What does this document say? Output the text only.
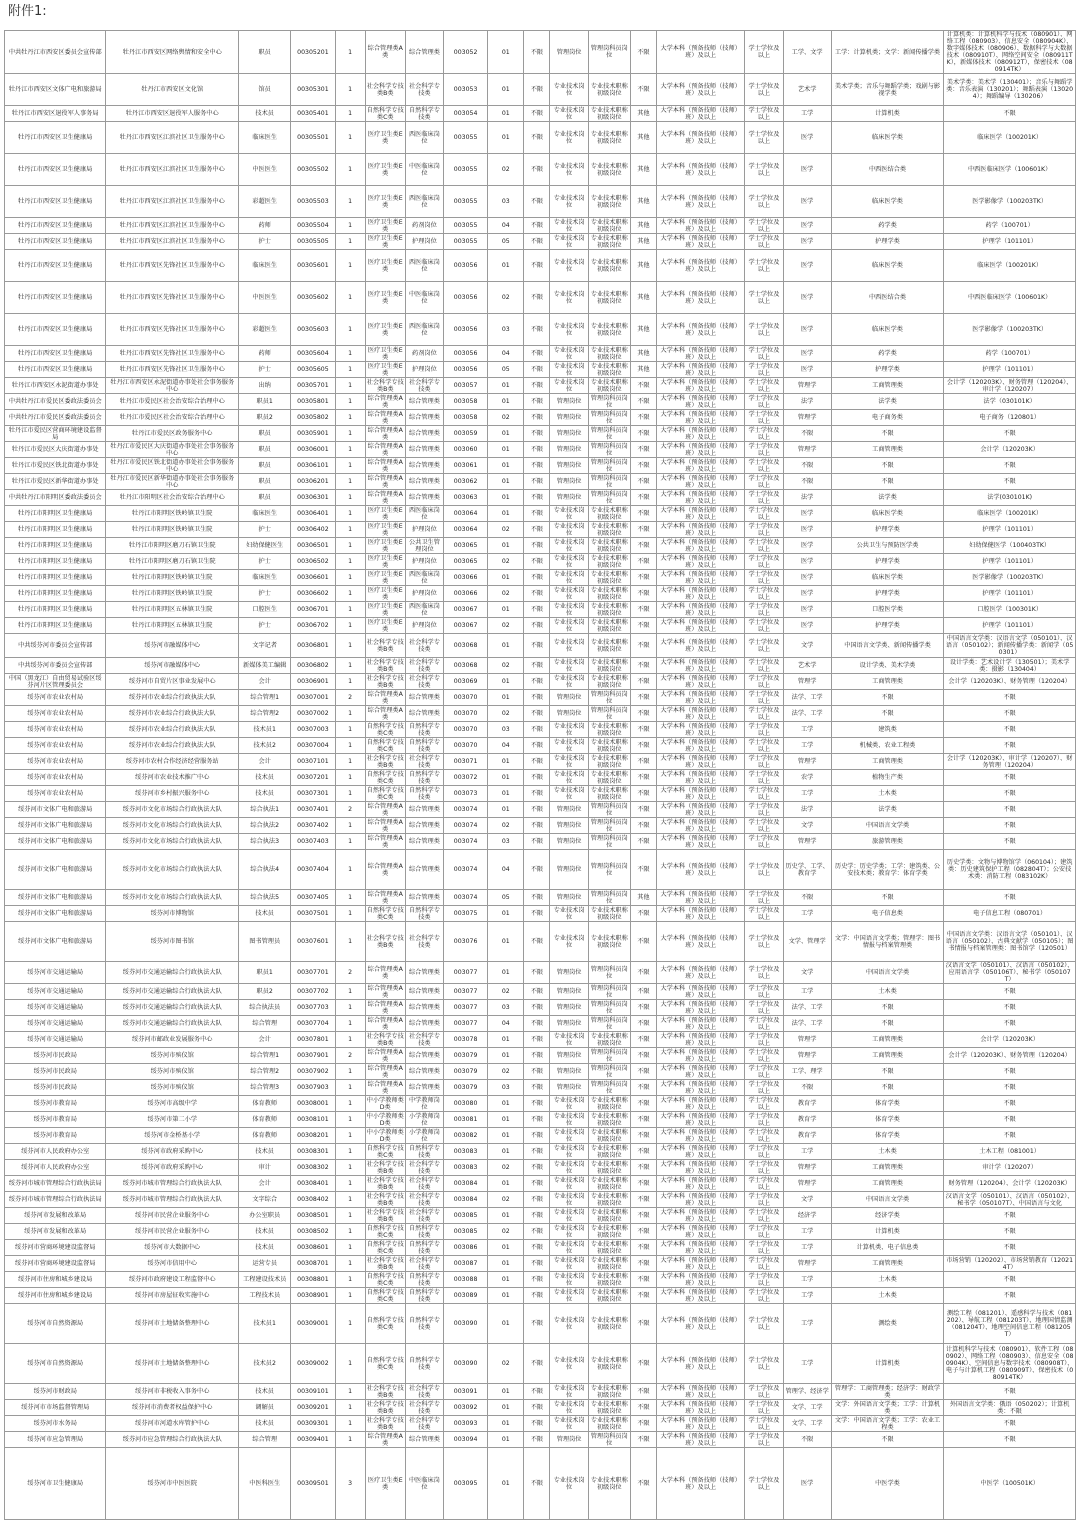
附件1:
中共牡丹江市西安区委员会宣传部	牡丹江市西安区网络舆情和安全中心	职员	00305201	1	综合管理类A类	综合管理类	003052	01	不限	管理岗位	管理岗科员岗位	不限	大学本科（预备技师（技师）班）及以上	学士学位及以上	工学、文学	工学：计算机类；文学：新闻传播学类	计算机类：计算机科学与技术（080901）、网络工程（080903）、信息安全（080904K）、数字媒体技术（080906）、数据科学与大数据技术（080910T）、网络空间安全（080911TK），新媒体技术（080912T），保密技术（080914TK）
牡丹江市西安区文体广电和旅游局	牡丹江市西安区文化馆	馆员	00305301	1	社会科学专技类B类	社会科学专技类	003053	01	不限	专业技术岗位	专业技术职称初级岗位	不限	大学本科（预备技师（技师）班）及以上	学士学位及以上	艺术学	美术学类；音乐与舞蹈学类；戏剧与影视学类	美术学类：美术学（130401）；音乐与舞蹈学类：音乐表演（130201）；舞蹈表演（130204）；舞蹈编导（130206）
牡丹江市西安区退役军人事务局	牡丹江市西安区退役军人服务中心	技术员	00305401	1	自然科学专技类C类	自然科学专技类	003054	01	不限	专业技术岗位	专业技术职称初级岗位	其他	大学本科（预备技师（技师）班）及以上	学士学位及以上	工学	计算机类	不限
牡丹江市西安区卫生健康局	牡丹江市西安区江滨社区卫生服务中心	临床医生	00305501	1	医疗卫生类E类	西医临床岗位	003055	01	不限	专业技术岗位	专业技术职称初级岗位	其他	大学本科（预备技师（技师）班）及以上	学士学位及以上	医学	临床医学类	临床医学（100201K）
牡丹江市西安区卫生健康局	牡丹江市西安区江滨社区卫生服务中心	中医医生	00305502	1	医疗卫生类E类	中医临床岗位	003055	02	不限	专业技术岗位	专业技术职称初级岗位	其他	大学本科（预备技师（技师）班）及以上	学士学位及以上	医学	中西医结合类	中西医临床医学（100601K）
牡丹江市西安区卫生健康局	牡丹江市西安区江滨社区卫生服务中心	彩超医生	00305503	1	医疗卫生类E类	西医临床岗位	003055	03	不限	专业技术岗位	专业技术职称初级岗位	其他	大学本科（预备技师（技师）班）及以上	学士学位及以上	医学	临床医学类	医学影像学（100203TK）
牡丹江市西安区卫生健康局	牡丹江市西安区江滨社区卫生服务中心	药师	00305504	1	医疗卫生类E类	药剂岗位	003055	04	不限	专业技术岗位	专业技术职称初级岗位	其他	大学本科（预备技师（技师）班）及以上	学士学位及以上	医学	药学类	药学（100701）
牡丹江市西安区卫生健康局	牡丹江市西安区江滨社区卫生服务中心	护士	00305505	1	医疗卫生类E类	护理岗位	003055	05	不限	专业技术岗位	专业技术职称初级岗位	其他	大学本科（预备技师（技师）班）及以上	学士学位及以上	医学	护理学类	护理学（101101）
牡丹江市西安区卫生健康局	牡丹江市西安区先锋社区卫生服务中心	临床医生	00305601	1	医疗卫生类E类	西医临床岗位	003056	01	不限	专业技术岗位	专业技术职称初级岗位	其他	大学本科（预备技师（技师）班）及以上	学士学位及以上	医学	临床医学类	临床医学（100201K）
牡丹江市西安区卫生健康局	牡丹江市西安区先锋社区卫生服务中心	中医医生	00305602	1	医疗卫生类E类	中医临床岗位	003056	02	不限	专业技术岗位	专业技术职称初级岗位	其他	大学本科（预备技师（技师）班）及以上	学士学位及以上	医学	中西医结合类	中西医临床医学（100601K）
牡丹江市西安区卫生健康局	牡丹江市西安区先锋社区卫生服务中心	彩超医生	00305603	1	医疗卫生类E类	西医临床岗位	003056	03	不限	专业技术岗位	专业技术职称初级岗位	其他	大学本科（预备技师（技师）班）及以上	学士学位及以上	医学	临床医学类	医学影像学（100203TK）
牡丹江市西安区卫生健康局	牡丹江市西安区先锋社区卫生服务中心	药师	00305604	1	医疗卫生类E类	药剂岗位	003056	04	不限	专业技术岗位	专业技术职称初级岗位	其他	大学本科（预备技师（技师）班）及以上	学士学位及以上	医学	药学类	药学（100701）
牡丹江市西安区卫生健康局	牡丹江市西安区先锋社区卫生服务中心	护士	00305605	1	医疗卫生类E类	护理岗位	003056	05	不限	专业技术岗位	专业技术职称初级岗位	其他	大学本科（预备技师（技师）班）及以上	学士学位及以上	医学	护理学类	护理学（101101）
牡丹江市西安区永泥街道办事处	牡丹江市西安区永泥街道办事处社会事务服务中心	出纳	00305701	1	社会科学专技类B类	社会科学专技类	003057	01	不限	专业技术岗位	专业技术职称初级岗位	不限	大学本科（预备技师（技师）班）及以上	学士学位及以上	管理学	工商管理类	会计学（120203K）、财务管理（120204）、审计学（120207）
中共牡丹江市爱民区委政法委员会	牡丹江市爱民区社会治安综合治理中心	职员1	00305801	1	综合管理类A类	综合管理类	003058	01	不限	管理岗位	管理岗科员岗位	不限	大学本科（预备技师（技师）班）及以上	学士学位及以上	法学	法学类	法学（030101K）
中共牡丹江市爱民区委政法委员会	牡丹江市爱民区社会治安综合治理中心	职员2	00305802	1	综合管理类A类	综合管理类	003058	02	不限	管理岗位	管理岗科员岗位	不限	大学本科（预备技师（技师）班）及以上	学士学位及以上	管理学	电子商务类	电子商务（120801）
牡丹江市爱民区营商环境建设监督局	牡丹江市爱民区政务服务中心	职员	00305901	1	综合管理类A类	综合管理类	003059	01	不限	管理岗位	管理岗科员岗位	不限	大学本科（预备技师（技师）班）及以上	学士学位及以上	不限	不限	不限
牡丹江市爱民区大庆街道办事处	牡丹江市爱民区大庆街道办事处社会事务服务中心	职员	00306001	1	综合管理类A类	综合管理类	003060	01	不限	管理岗位	管理岗科员岗位	不限	大学本科（预备技师（技师）班）及以上	学士学位及以上	管理学	工商管理类	会计学（120203K）
牡丹江市爱民区铁北街道办事处	牡丹江市爱民区铁北街道办事处社会事务服务中心	职员	00306101	1	综合管理类A类	综合管理类	003061	01	不限	管理岗位	管理岗科员岗位	不限	大学本科（预备技师（技师）班）及以上	学士学位及以上	不限	不限	不限
牡丹江市爱民区新华街道办事处	牡丹江市爱民区新华街道办事处社会事务服务中心	职员	00306201	1	综合管理类A类	综合管理类	003062	01	不限	管理岗位	管理岗科员岗位	不限	大学本科（预备技师（技师）班）及以上	学士学位及以上	不限	不限	不限
中共牡丹江市阳明区委政法委员会	牡丹江市阳明区社会治安综合治理中心	职员	00306301	1	综合管理类A类	综合管理类	003063	01	不限	管理岗位	管理岗科员岗位	不限	大学本科（预备技师（技师）班）及以上	学士学位及以上	法学	法学类	法学(030101K)
牡丹江市阳明区卫生健康局	牡丹江市阳明区铁岭镇卫生院	临床医生	00306401	1	医疗卫生类E类	西医临床岗位	003064	01	不限	专业技术岗位	专业技术职称初级岗位	不限	大学本科（预备技师（技师）班）及以上	学士学位及以上	医学	临床医学类	临床医学（100201K）
牡丹江市阳明区卫生健康局	牡丹江市阳明区铁岭镇卫生院	护士	00306402	1	医疗卫生类E类	护理岗位	003064	02	不限	专业技术岗位	专业技术职称初级岗位	不限	大学本科（预备技师（技师）班）及以上	学士学位及以上	医学	护理学类	护理学（101101）
牡丹江市阳明区卫生健康局	牡丹江市阳明区磨刀石镇卫生院	妇幼保健医生	00306501	1	医疗卫生类E类	公共卫生管理岗位	003065	01	不限	专业技术岗位	专业技术职称初级岗位	不限	大学本科（预备技师（技师）班）及以上	学士学位及以上	医学	公共卫生与预防医学类	妇幼保健医学（100403TK）
牡丹江市阳明区卫生健康局	牡丹江市阳明区磨刀石镇卫生院	护士	00306502	1	医疗卫生类E类	护理岗位	003065	02	不限	专业技术岗位	专业技术职称初级岗位	不限	大学本科（预备技师（技师）班）及以上	学士学位及以上	医学	护理学类	护理学（101101）
牡丹江市阳明区卫生健康局	牡丹江市阳明区铁岭镇卫生院	临床医生	00306601	1	医疗卫生类E类	西医临床岗位	003066	01	不限	专业技术岗位	专业技术职称初级岗位	不限	大学本科（预备技师（技师）班）及以上	学士学位及以上	医学	临床医学类	医学影像学（100203TK）
牡丹江市阳明区卫生健康局	牡丹江市阳明区铁岭镇卫生院	护士	00306602	1	医疗卫生类E类	护理岗位	003066	02	不限	专业技术岗位	专业技术职称初级岗位	不限	大学本科（预备技师（技师）班）及以上	学士学位及以上	医学	护理学类	护理学（101101）
牡丹江市阳明区卫生健康局	牡丹江市阳明区五林镇卫生院	口腔医生	00306701	1	医疗卫生类E类	西医临床岗位	003067	01	不限	专业技术岗位	专业技术职称初级岗位	不限	大学本科（预备技师（技师）班）及以上	学士学位及以上	医学	口腔医学类	口腔医学（100301K）
牡丹江市阳明区卫生健康局	牡丹江市阳明区五林镇卫生院	护士	00306702	1	医疗卫生类E类	护理岗位	003067	02	不限	专业技术岗位	专业技术职称初级岗位	不限	大学本科（预备技师（技师）班）及以上	学士学位及以上	医学	护理学类	护理学（101101）
中共绥芬河市委员会宣传部	绥芬河市融媒体中心	文字记者	00306801	1	社会科学专技类B类	社会科学专技类	003068	01	不限	专业技术岗位	专业技术职称初级岗位	不限	大学本科（预备技师（技师）班）及以上	学士学位及以上	文学	中国语言文学类、新闻传播学类	中国语言文学类：汉语言文学（050101）、汉语言（050102）；新闻传播学类：新闻学（050301）
中共绥芬河市委员会宣传部	绥芬河市融媒体中心	新媒体美工编辑	00306802	1	社会科学专技类B类	社会科学专技类	003068	02	不限	专业技术岗位	专业技术职称初级岗位	不限	大学本科（预备技师（技师）班）及以上	学士学位及以上	艺术学	设计学类、美术学类	设计学类：艺术设计学（130501）；美术学类：摄影（130404）
中国（黑龙江）自由贸易试验区绥芬河片区管理委员会	绥芬河市自贸片区事业发展中心	会计	00306901	1	社会科学专技类B类	社会科学专技类	003069	01	不限	专业技术岗位	专业技术职称初级岗位	不限	大学本科（预备技师（技师）班）及以上	学士学位及以上	管理学	工商管理类	会计学（120203K）、财务管理（120204）
绥芬河市农业农村局	绥芬河市农业综合行政执法大队	综合管理1	00307001	2	综合管理类A类	综合管理类	003070	01	不限	管理岗位	管理岗科员岗位	不限	大学本科（预备技师（技师）班）及以上	学士学位及以上	法学、工学	不限	不限
绥芬河市农业农村局	绥芬河市农业综合行政执法大队	综合管理2	00307002	1	综合管理类A类	综合管理类	003070	02	不限	管理岗位	管理岗科员岗位	不限	大学本科（预备技师（技师）班）及以上	学士学位及以上	法学、工学	不限	不限
绥芬河市农业农村局	绥芬河市农业综合行政执法大队	技术员1	00307003	1	自然科学专技类C类	自然科学专技类	003070	03	不限	专业技术岗位	专业技术职称初级岗位	不限	大学本科（预备技师（技师）班）及以上	学士学位及以上	工学	建筑类	不限
绥芬河市农业农村局	绥芬河市农业综合行政执法大队	技术员2	00307004	1	自然科学专技类C类	自然科学专技类	003070	04	不限	专业技术岗位	专业技术职称初级岗位	不限	大学本科（预备技师（技师）班）及以上	学士学位及以上	工学	机械类、农业工程类	不限
绥芬河市农业农村局	绥芬河市农村合作经济经营服务站	会计	00307101	1	社会科学专技类B类	社会科学专技类	003071	01	不限	专业技术岗位	专业技术职称初级岗位	不限	大学本科（预备技师（技师）班）及以上	学士学位及以上	管理学	工商管理类	会计学（120203K）、审计学（120207）、财务管理（120204）
绥芬河市农业农村局	绥芬河市农业技术推广中心	技术员	00307201	1	自然科学专技类C类	自然科学专技类	003072	01	不限	专业技术岗位	专业技术职称初级岗位	不限	大学本科（预备技师（技师）班）及以上	学士学位及以上	农学	植物生产类	不限
绥芬河市农业农村局	绥芬河市乡村振兴服务中心	技术员	00307301	1	自然科学专技类C类	自然科学专技类	003073	01	不限	专业技术岗位	专业技术职称初级岗位	不限	大学本科（预备技师（技师）班）及以上	学士学位及以上	工学	土木类	不限
绥芬河市文体广电和旅游局	绥芬河市文化市场综合行政执法大队	综合执法1	00307401	2	综合管理类A类	综合管理类	003074	01	不限	管理岗位	管理岗科员岗位	不限	大学本科（预备技师（技师）班）及以上	学士学位及以上	法学	法学类	不限
绥芬河市文体广电和旅游局	绥芬河市文化市场综合行政执法大队	综合执法2	00307402	1	综合管理类A类	综合管理类	003074	02	不限	管理岗位	管理岗科员岗位	不限	大学本科（预备技师（技师）班）及以上	学士学位及以上	文学	中国语言文学类	不限
绥芬河市文体广电和旅游局	绥芬河市文化市场综合行政执法大队	综合执法3	00307403	1	综合管理类A类	综合管理类	003074	03	不限	管理岗位	管理岗科员岗位	不限	大学本科（预备技师（技师）班）及以上	学士学位及以上	管理学	旅游管理类	不限
绥芬河市文体广电和旅游局	绥芬河市文化市场综合行政执法大队	综合执法4	00307404	1	综合管理类A类	综合管理类	003074	04	不限	管理岗位	管理岗科员岗位	不限	大学本科（预备技师（技师）班）及以上	学士学位及以上	历史学、工学、教育学	历史学：历史学类；工学：建筑类、公安技术类；教育学：体育学类	历史学类：文物与博物馆学（060104）；建筑类：历史建筑保护工程（082804T）；公安技术类：消防工程（083102K）
绥芬河市文体广电和旅游局	绥芬河市文化市场综合行政执法大队	综合执法5	00307405	1	综合管理类A类	综合管理类	003074	05	不限	管理岗位	管理岗科员岗位	其他	大学本科（预备技师（技师）班）及以上	学士学位及以上	不限	不限	不限
绥芬河市文体广电和旅游局	绥芬河市博物馆	技术员	00307501	1	自然科学专技类C类	自然科学专技类	003075	01	不限	专业技术岗位	专业技术职称初级岗位	不限	大学本科（预备技师（技师）班）及以上	学士学位及以上	工学	电子信息类	电子信息工程（080701）
绥芬河市文体广电和旅游局	绥芬河市图书馆	图书管理员	00307601	1	社会科学专技类B类	社会科学专技类	003076	01	不限	专业技术岗位	专业技术职称初级岗位	不限	大学本科（预备技师（技师）班）及以上	学士学位及以上	文学、管理学	文学：中国语言文学类；管理学：图书情报与档案管理类	中国语言文学类：汉语言文学（050101）、汉语言（050102）、古典文献学（050105）；图书情报与档案管理类：图书馆学（120501）
绥芬河市交通运输局	绥芬河市交通运输综合行政执法大队	职员1	00307701	2	综合管理类A类	综合管理类	003077	01	不限	管理岗位	管理岗科员岗位	不限	大学本科（预备技师（技师）班）及以上	学士学位及以上	文学	中国语言文学类	汉语言文学（050101）、汉语言（050102）、应用语言学（050106T）、秘书学（050107T）
绥芬河市交通运输局	绥芬河市交通运输综合行政执法大队	职员2	00307702	1	综合管理类A类	综合管理类	003077	02	不限	管理岗位	管理岗科员岗位	不限	大学本科（预备技师（技师）班）及以上	学士学位及以上	工学	土木类	不限
绥芬河市交通运输局	绥芬河市交通运输综合行政执法大队	综合执法员	00307703	1	综合管理类A类	综合管理类	003077	03	不限	管理岗位	管理岗科员岗位	不限	大学本科（预备技师（技师）班）及以上	学士学位及以上	法学、工学	不限	不限
绥芬河市交通运输局	绥芬河市交通运输综合行政执法大队	综合管理	00307704	1	综合管理类A类	综合管理类	003077	04	不限	管理岗位	管理岗科员岗位	不限	大学本科（预备技师（技师）班）及以上	学士学位及以上	法学、工学	不限	不限
绥芬河市交通运输局	绥芬河市邮政业发展服务中心	会计	00307801	1	社会科学专技类B类	社会科学专技类	003078	01	不限	专业技术岗位	专业技术职称初级岗位	不限	大学本科（预备技师（技师）班）及以上	学士学位及以上	管理学	工商管理类	会计学（120203K）
绥芬河市民政局	绥芬河市殡仪馆	综合管理1	00307901	2	综合管理类A类	综合管理类	003079	01	不限	管理岗位	管理岗科员岗位	不限	大学本科（预备技师（技师）班）及以上	学士学位及以上	管理学	工商管理类	会计学（120203K）、财务管理（120204）
绥芬河市民政局	绥芬河市殡仪馆	综合管理2	00307902	1	综合管理类A类	综合管理类	003079	02	不限	管理岗位	管理岗科员岗位	不限	大学本科（预备技师（技师）班）及以上	学士学位及以上	工学、理学	不限	不限
绥芬河市民政局	绥芬河市殡仪馆	综合管理3	00307903	1	综合管理类A类	综合管理类	003079	03	不限	管理岗位	管理岗科员岗位	不限	大学本科（预备技师（技师）班）及以上	学士学位及以上	不限	不限	不限
绥芬河市教育局	绥芬河市高级中学	体育教师	00308001	1	中小学教师类D类	中学教师岗位	003080	01	不限	专业技术岗位	专业技术职称初级岗位	不限	大学本科（预备技师（技师）班）及以上	学士学位及以上	教育学	体育学类	不限
绥芬河市教育局	绥芬河市第二小学	体育教师	00308101	1	中小学教师类D类	小学教师岗位	003081	01	不限	专业技术岗位	专业技术职称初级岗位	不限	大学本科（预备技师（技师）班）及以上	学士学位及以上	教育学	体育学类	不限
绥芬河市教育局	绥芬河市金桥基小学	体育教师	00308201	1	中小学教师类D类	小学教师岗位	003082	01	不限	专业技术岗位	专业技术职称初级岗位	不限	大学本科（预备技师（技师）班）及以上	学士学位及以上	教育学	体育学类	不限
绥芬河市人民政府办公室	绥芬河市政府采购中心	技术员	00308301	1	自然科学专技类C类	自然科学专技类	003083	01	不限	专业技术岗位	专业技术职称初级岗位	不限	大学本科（预备技师（技师）班）及以上	学士学位及以上	工学	土木类	土木工程（081001）
绥芬河市人民政府办公室	绥芬河市政府采购中心	审计	00308302	1	社会科学专技类B类	社会科学专技类	003083	02	不限	专业技术岗位	专业技术职称初级岗位	不限	大学本科（预备技师（技师）班）及以上	学士学位及以上	管理学	工商管理类	审计学（120207）
绥芬河市城市管理综合行政执法局	绥芬河市城市管理综合行政执法大队	会计	00308401	1	社会科学专技类B类	社会科学专技类	003084	01	不限	专业技术岗位	专业技术职称初级岗位	不限	大学本科（预备技师（技师）班）及以上	学士学位及以上	管理学	工商管理类	财务管理（120204）、会计学（120203K）
绥芬河市城市管理综合行政执法局	绥芬河市城市管理综合行政执法大队	文字综合	00308402	1	社会科学专技类B类	社会科学专技类	003084	02	不限	专业技术岗位	专业技术职称初级岗位	不限	大学本科（预备技师（技师）班）及以上	学士学位及以上	文学	中国语言文学类	汉语言文学（050101）、汉语言（050102）、秘书学（050107T）、中国语言与文化
绥芬河市发展和改革局	绥芬河市民营企业服务中心	办公室职员	00308501	1	社会科学专技类B类	社会科学专技类	003085	01	不限	专业技术岗位	专业技术职称初级岗位	不限	大学本科（预备技师（技师）班）及以上	学士学位及以上	经济学	经济学类	不限
绥芬河市发展和改革局	绥芬河市民营企业服务中心	技术员	00308502	1	自然科学专技类C类	自然科学专技类	003085	02	不限	专业技术岗位	专业技术职称初级岗位	不限	大学本科（预备技师（技师）班）及以上	学士学位及以上	工学	计算机类	不限
绥芬河市营商环境建设监督局	绥芬河市大数据中心	技术员	00308601	1	自然科学专技类C类	自然科学专技类	003086	01	不限	专业技术岗位	专业技术职称初级岗位	不限	大学本科（预备技师（技师）班）及以上	学士学位及以上	工学	计算机类、电子信息类	不限
绥芬河市营商环境建设监督局	绥芬河市信用中心	运营专员	00308701	1	社会科学专技类B类	社会科学专技类	003087	01	不限	专业技术岗位	专业技术职称初级岗位	不限	大学本科（预备技师（技师）班）及以上	学士学位及以上	管理学	工商管理类	市场营销（120202）、市场营销教育（120214T）
绥芬河市住房和城乡建设局	绥芬河市政府建设工程监督中心	工程建设技术员	00308801	1	自然科学专技类C类	自然科学专技类	003088	01	不限	专业技术岗位	专业技术职称初级岗位	不限	大学本科（预备技师（技师）班）及以上	学士学位及以上	工学	土木类	不限
绥芬河市住房和城乡建设局	绥芬河市房屋征收实施中心	工程技术员	00308901	1	自然科学专技类C类	自然科学专技类	003089	01	不限	专业技术岗位	专业技术职称初级岗位	不限	大学本科（预备技师（技师）班）及以上	学士学位及以上	工学	土木类	不限
绥芬河市自然资源局	绥芬河市土地储备整理中心	技术员1	00309001	1	自然科学专技类C类	自然科学专技类	003090	01	不限	专业技术岗位	专业技术职称初级岗位	不限	大学本科（预备技师（技师）班）及以上	学士学位及以上	工学	测绘类	测绘工程（081201）、遥感科学与技术（081202）、导航工程（081203T）、地理国情监测（081204T）、地理空间信息工程（081205T）
绥芬河市自然资源局	绥芬河市土地储备整理中心	技术员2	00309002	1	自然科学专技类C类	自然科学专技类	003090	02	不限	专业技术岗位	专业技术职称初级岗位	不限	大学本科（预备技师（技师）班）及以上	学士学位及以上	工学	计算机类	计算机科学与技术（080901）、软件工程（080902）、网络工程（080903）、信息安全（080904K）、空间信息与数字技术（080908T）、电子与计算机工程（080909T）、保密技术（080914TK）
绥芬河市财政局	绥芬河市非税收入事务中心	技术员	00309101	1	社会科学专技类B类	社会科学专技类	003091	01	不限	专业技术岗位	专业技术职称初级岗位	不限	大学本科（预备技师（技师）班）及以上	学士学位及以上	管理学、经济学	管理学：工商管理类；经济学：财政学类	不限
绥芬河市市场监督管理局	绥芬河市消费者权益保护中心	调解员	00309201	1	社会科学专技类B类	社会科学专技类	003092	01	不限	专业技术岗位	专业技术职称初级岗位	不限	大学本科（预备技师（技师）班）及以上	学士学位及以上	文学、工学	文学：外国语言文学类；工学：计算机类	外国语言文学类：俄语（050202）；计算机类：不限
绥芬河市水务局	绥芬河市河道水库管护中心	技术员	00309301	1	社会科学专技类B类	社会科学专技类	003093	01	不限	专业技术岗位	专业技术职称初级岗位	不限	大学本科（预备技师（技师）班）及以上	学士学位及以上	文学、工学	文学：中国语言文学类；工学：农业工程类	不限
绥芬河市应急管理局	绥芬河市应急管理综合行政执法大队	综合管理	00309401	1	综合管理类A类	综合管理类	003094	01	不限	管理岗位	管理岗科员岗位	不限	大学本科（预备技师（技师）班）及以上	学士学位及以上	不限	不限	不限
绥芬河市卫生健康局	绥芬河市中医医院	中医科医生	00309501	3	医疗卫生类E类	中医临床岗位	003095	01	不限	专业技术岗位	专业技术职称初级岗位	不限	大学本科（预备技师（技师）班）及以上	学士学位及以上	医学	中医学类	中医学（100501K）
